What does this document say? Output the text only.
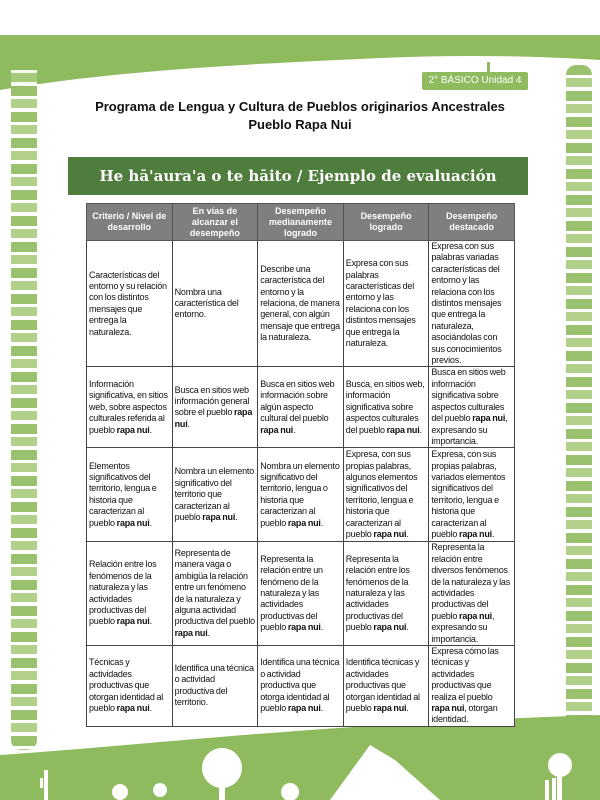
2° BÁSICO Unidad 4
Programa de Lengua y Cultura de Pueblos originarios Ancestrales
Pueblo Rapa Nui
He hā'aura'a o te hāito / Ejemplo de evaluación
Criterio / Nivel de desarrollo	En vías de alcanzar el desempeño	Desempeño medianamente logrado	Desempeño logrado	Desempeño destacado
Características del entorno y su relación con los distintos mensajes que entrega la naturaleza.	Nombra una característica del entorno.	Describe una característica del entorno y la relaciona, de manera general, con algún mensaje que entrega la naturaleza.	Expresa con sus palabras características del entorno y las relaciona con los distintos mensajes que entrega la naturaleza.	Expresa con sus palabras variadas características del entorno y las relaciona con los distintos mensajes que entrega la naturaleza, asociándolas con sus conocimientos previos.
Información significativa, en sitios web, sobre aspectos culturales referida al pueblo rapa nui.	Busca en sitios web información general sobre el pueblo rapa nui.	Busca en sitios web información sobre algún aspecto cultural del pueblo rapa nui.	Busca, en sitios web, información significativa sobre aspectos culturales del pueblo rapa nui.	Busca en sitios web información significativa sobre aspectos culturales del pueblo rapa nui, expresando su importancia.
Elementos significativos del territorio, lengua e historia que caracterizan al pueblo rapa nui.	Nombra un elemento significativo del territorio que caracterizan al pueblo rapa nui.	Nombra un elemento significativo del territorio, lengua o historia que caracterizan al pueblo rapa nui.	Expresa, con sus propias palabras, algunos elementos significativos del territorio, lengua e historia que caracterizan al pueblo rapa nui.	Expresa, con sus propias palabras, variados elementos significativos del territorio, lengua e historia que caracterizan al pueblo rapa nui.
Relación entre los fenómenos de la naturaleza y las actividades productivas del pueblo rapa nui.	Representa de manera vaga o ambigüa la relación entre un fenómeno de la naturaleza y alguna actividad productiva del pueblo rapa nui.	Representa la relación entre un fenómeno de la naturaleza y las actividades productivas del pueblo rapa nui.	Representa la relación entre los fenómenos de la naturaleza y las actividades productivas del pueblo rapa nui.	Representa la relación entre diversos fenómenos de la naturaleza y las actividades productivas del pueblo rapa nui, expresando su importancia.
Técnicas y actividades productivas que otorgan identidad al pueblo rapa nui.	Identifica una técnica o actividad productiva del territorio.	Identifica una técnica o actividad productiva que otorga identidad al pueblo rapa nui.	Identifica técnicas y actividades productivas que otorgan identidad al pueblo rapa nui.	Expresa cómo las técnicas y actividades productivas que realiza el pueblo rapa nui, otorgan identidad.
